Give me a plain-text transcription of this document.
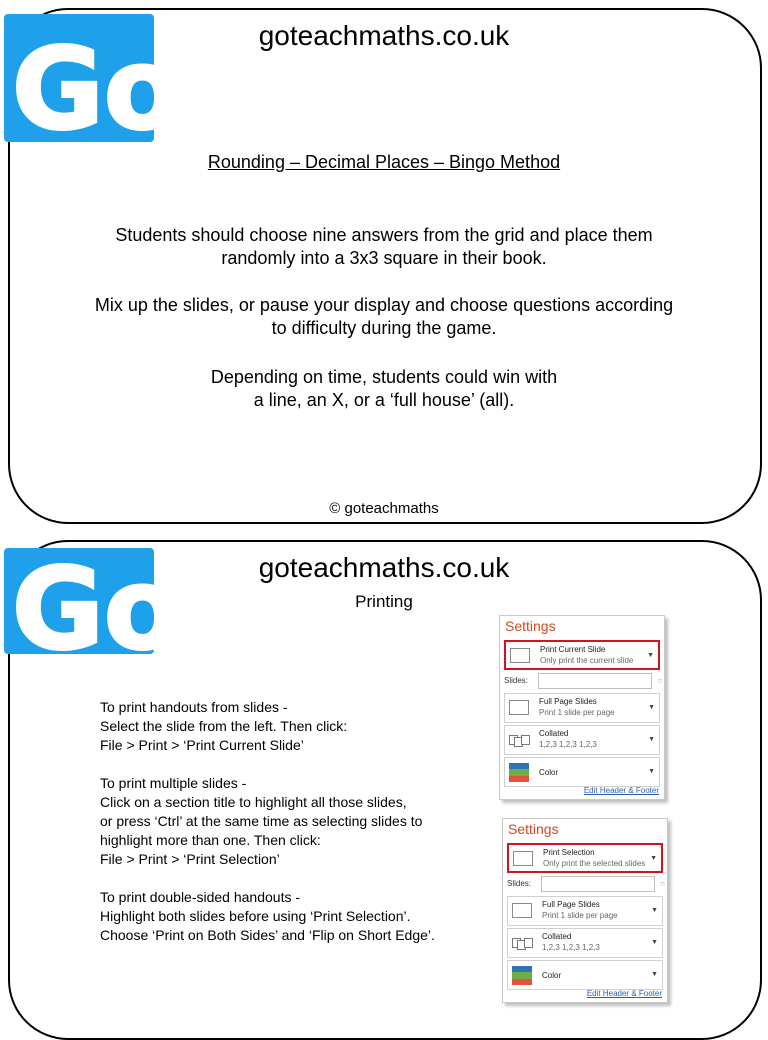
Go! goteachmaths.co.uk
Rounding – Decimal Places – Bingo Method

Students should choose nine answers from the grid and place them
randomly into a 3x3 square in their book.

Mix up the slides, or pause your display and choose questions according
to difficulty during the game.

Depending on time, students could win with
a line, an X, or a ‘full house’ (all).

© goteachmaths
Go! goteachmaths.co.uk
Printing
To print handouts from slides -
Select the slide from the left. Then click:
File > Print > ‘Print Current Slide’
To print multiple slides -
Click on a section title to highlight all those slides,
or press ‘Ctrl’ at the same time as selecting slides to
highlight more than one. Then click:
File > Print > ‘Print Selection’
To print double-sided handouts -
Highlight both slides before using ‘Print Selection’.
Choose ‘Print on Both Sides’ and ‘Flip on Short Edge’.
Settings
Print Current Slide
Only print the current slide
▼
Slides:	○
Full Page Slides
Print 1 slide per page
▼
Collated
1,2,3 1,2,3 1,2,3
▼
Color	▼
Edit Header & Footer
Settings
Print Selection
Only print the selected slides
▼
Slides:	○
Full Page Slides
Print 1 slide per page
▼
Collated
1,2,3 1,2,3 1,2,3
▼
Color	▼
Edit Header & Footer
